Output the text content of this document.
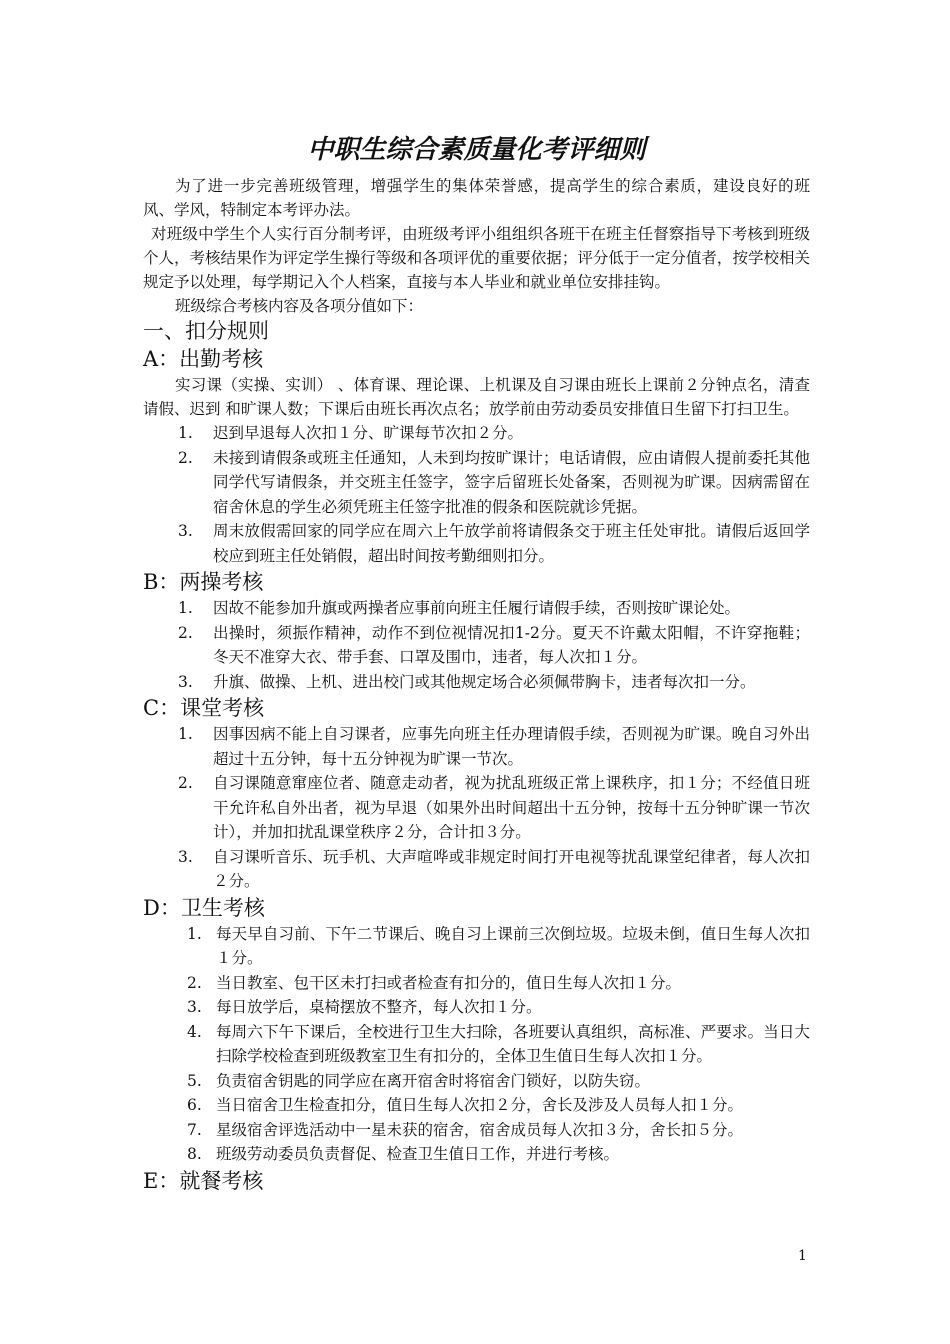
中职生综合素质量化考评细则

为了进一步完善班级管理，增强学生的集体荣誉感，提高学生的综合素质，建设良好的班风、学风，特制定本考评办法。

对班级中学生个人实行百分制考评，由班级考评小组组织各班干在班主任督察指导下考核到班级个人，考核结果作为评定学生操行等级和各项评优的重要依据；评分低于一定分值者，按学校相关规定予以处理，每学期记入个人档案，直接与本人毕业和就业单位安排挂钩。

班级综合考核内容及各项分值如下：

一、扣分规则
A：出勤考核

实习课（实操、实训） 、体育课、理论课、上机课及自习课由班长上课前２分钟点名，清查请假、迟到 和旷课人数；下课后由班长再次点名；放学前由劳动委员安排值日生留下打扫卫生。

1. 迟到早退每人次扣１分、旷课每节次扣２分。
2. 未接到请假条或班主任通知，人未到均按旷课计；电话请假，应由请假人提前委托其他同学代写请假条，并交班主任签字，签字后留班长处备案，否则视为旷课。因病需留在宿舍休息的学生必须凭班主任签字批准的假条和医院就诊凭据。
3. 周末放假需回家的同学应在周六上午放学前将请假条交于班主任处审批。请假后返回学校应到班主任处销假，超出时间按考勤细则扣分。
B：两操考核
1. 因故不能参加升旗或两操者应事前向班主任履行请假手续，否则按旷课论处。
2. 出操时，须振作精神，动作不到位视情况扣1-2分。夏天不许戴太阳帽，不许穿拖鞋；冬天不准穿大衣、带手套、口罩及围巾，违者，每人次扣１分。
3. 升旗、做操、上机、进出校门或其他规定场合必须佩带胸卡，违者每次扣一分。
C：课堂考核
1. 因事因病不能上自习课者，应事先向班主任办理请假手续，否则视为旷课。晚自习外出超过十五分钟，每十五分钟视为旷课一节次。
2. 自习课随意窜座位者、随意走动者，视为扰乱班级正常上课秩序，扣１分；不经值日班干允许私自外出者，视为早退（如果外出时间超出十五分钟，按每十五分钟旷课一节次计），并加扣扰乱课堂秩序２分，合计扣３分。
3. 自习课听音乐、玩手机、大声喧哗或非规定时间打开电视等扰乱课堂纪律者，每人次扣２分。
D：卫生考核
1. 每天早自习前、下午二节课后、晚自习上课前三次倒垃圾。垃圾未倒，值日生每人次扣１分。
2. 当日教室、包干区未打扫或者检查有扣分的，值日生每人次扣１分。
3. 每日放学后，桌椅摆放不整齐，每人次扣１分。
4. 每周六下午下课后，全校进行卫生大扫除，各班要认真组织，高标准、严要求。当日大扫除学校检查到班级教室卫生有扣分的，全体卫生值日生每人次扣１分。
5. 负责宿舍钥匙的同学应在离开宿舍时将宿舍门锁好，以防失窃。
6. 当日宿舍卫生检查扣分，值日生每人次扣２分，舍长及涉及人员每人扣１分。
7. 星级宿舍评选活动中一星未获的宿舍，宿舍成员每人次扣３分，舍长扣５分。
8. 班级劳动委员负责督促、检查卫生值日工作，并进行考核。
E：就餐考核
1
